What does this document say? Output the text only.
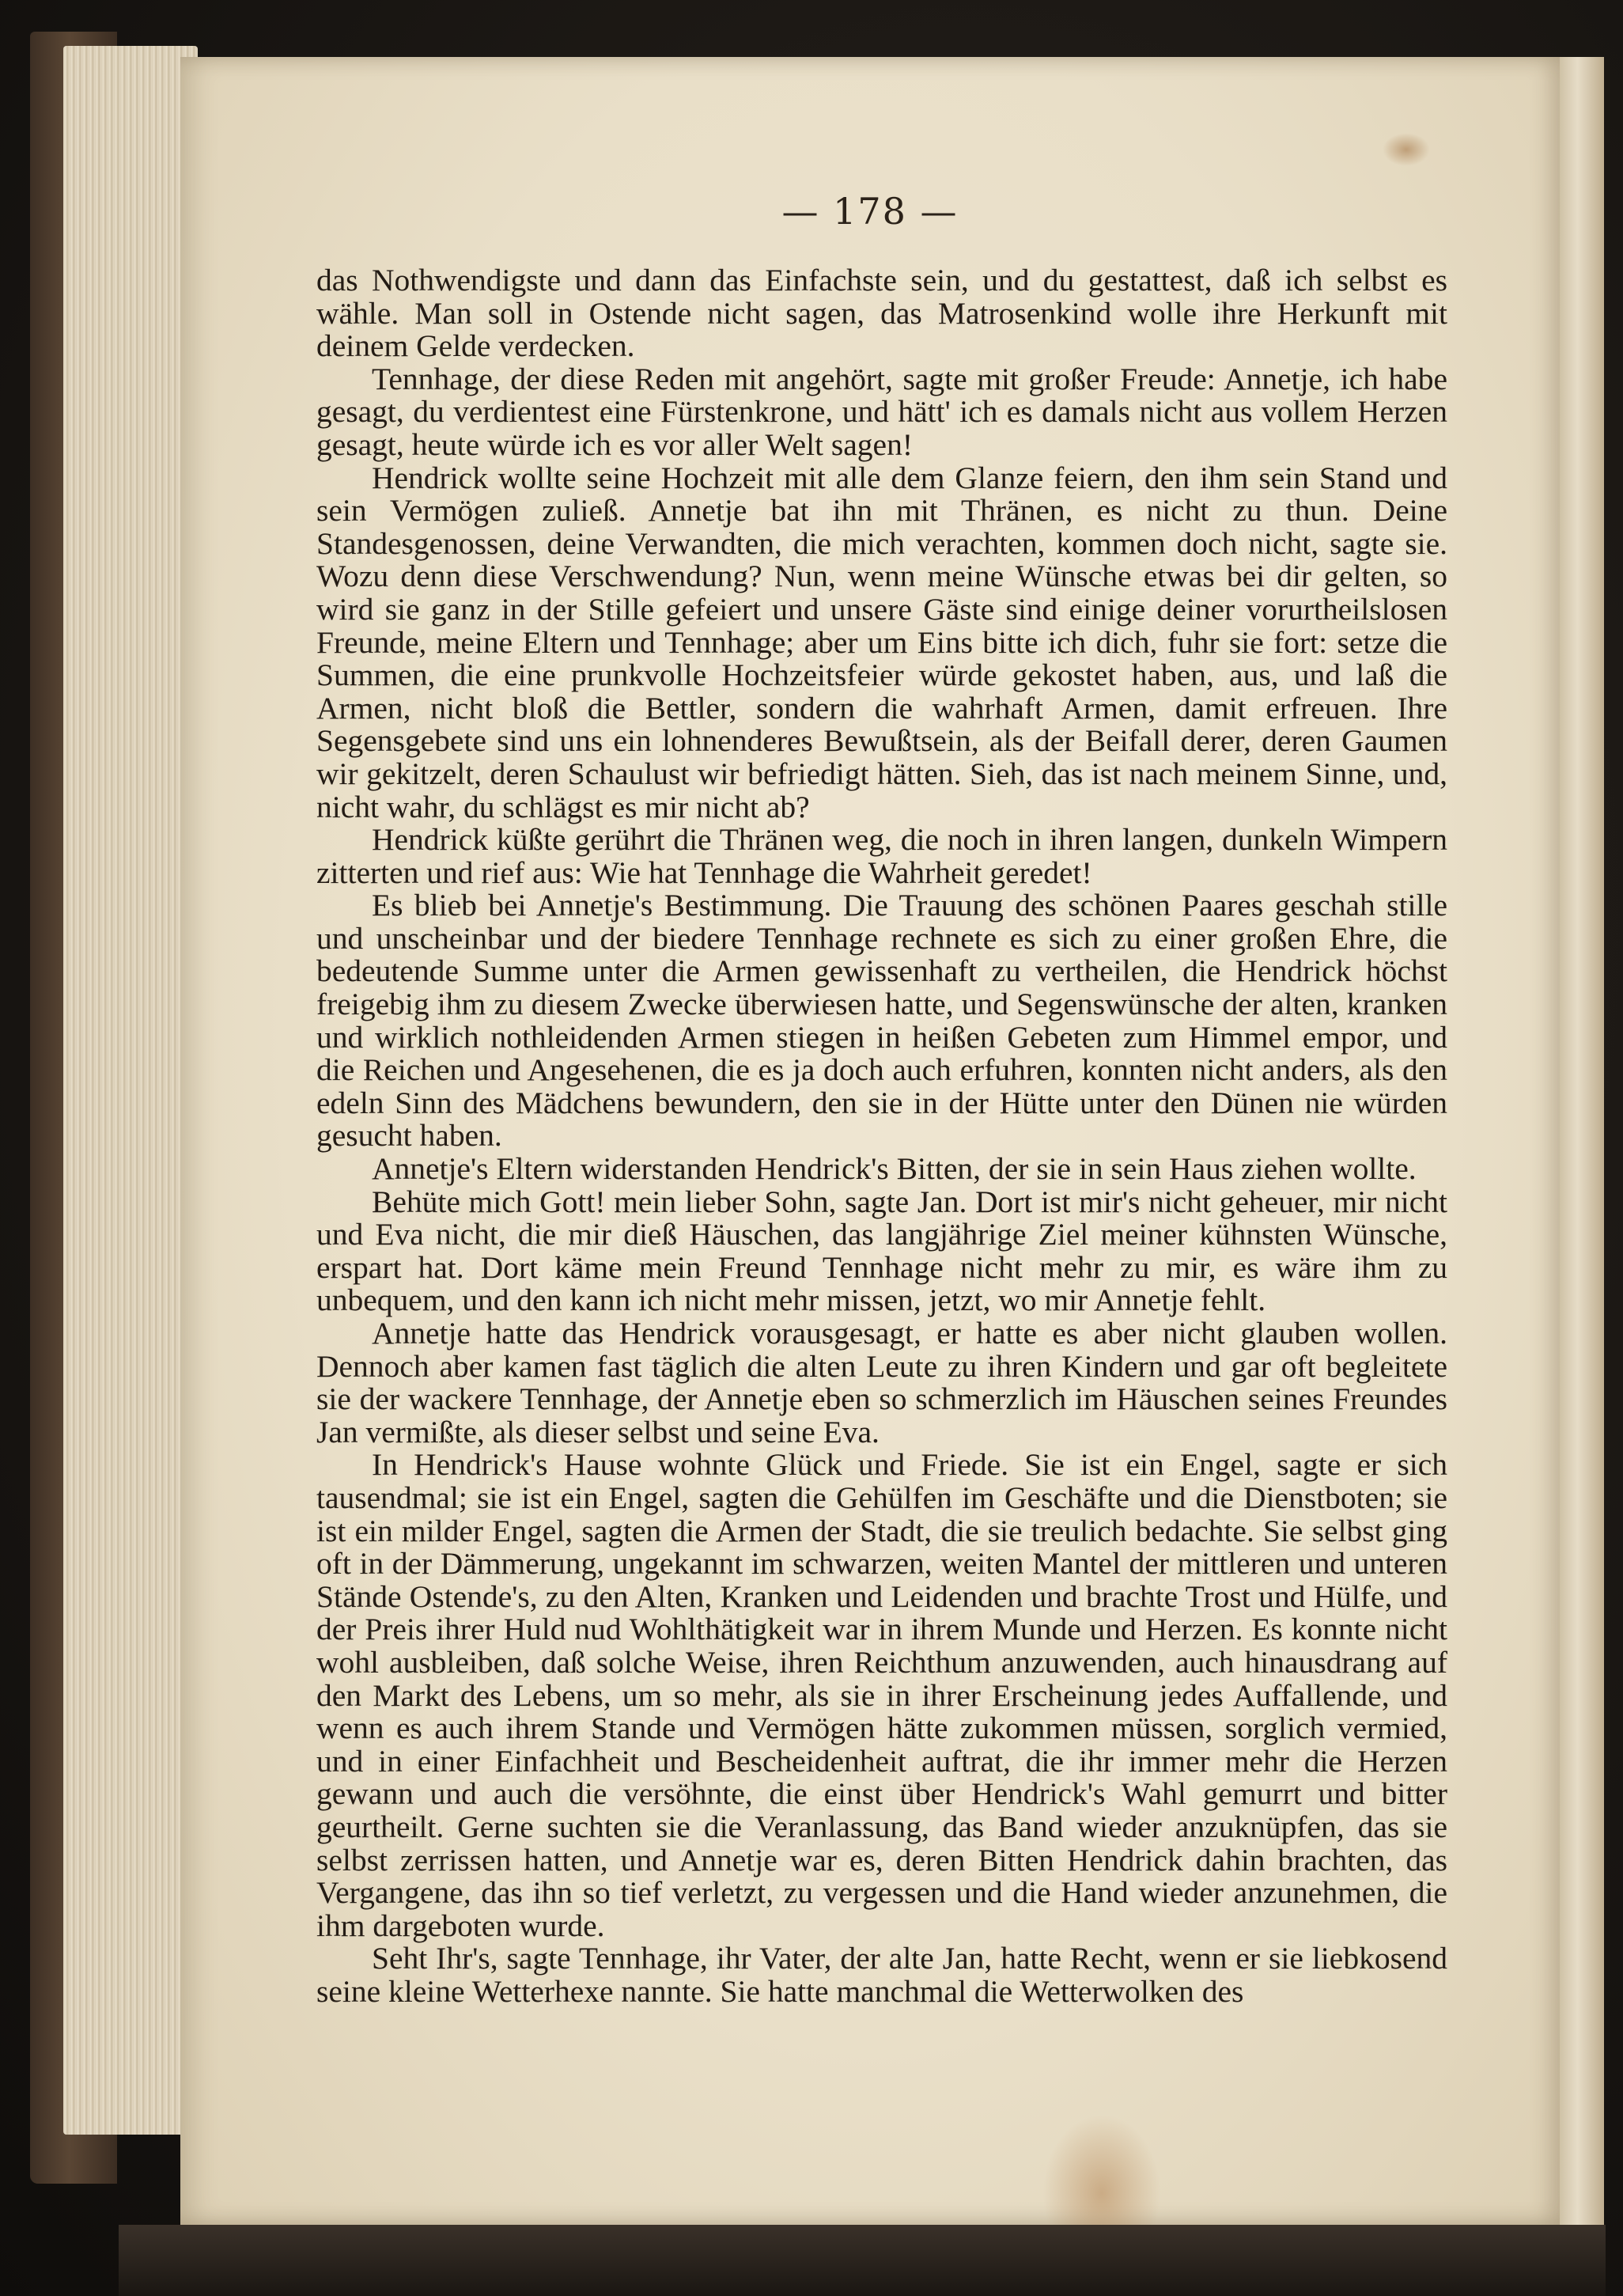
— 178 —

das Nothwendigste und dann das Einfachste sein, und du gestattest, daß ich selbst es wähle. Man soll in Ostende nicht sagen, das Matrosenkind wolle ihre Herkunft mit deinem Gelde verdecken.

Tennhage, der diese Reden mit angehört, sagte mit großer Freude: Annetje, ich habe gesagt, du verdientest eine Fürstenkrone, und hätt' ich es damals nicht aus vollem Herzen gesagt, heute würde ich es vor aller Welt sagen!

Hendrick wollte seine Hochzeit mit alle dem Glanze feiern, den ihm sein Stand und sein Vermögen zuließ. Annetje bat ihn mit Thränen, es nicht zu thun. Deine Standesgenossen, deine Verwandten, die mich verachten, kommen doch nicht, sagte sie. Wozu denn diese Verschwendung? Nun, wenn meine Wünsche etwas bei dir gelten, so wird sie ganz in der Stille gefeiert und unsere Gäste sind einige deiner vorurtheilslosen Freunde, meine Eltern und Tennhage; aber um Eins bitte ich dich, fuhr sie fort: setze die Summen, die eine prunkvolle Hochzeitsfeier würde gekostet haben, aus, und laß die Armen, nicht bloß die Bettler, sondern die wahrhaft Armen, damit erfreuen. Ihre Segensgebete sind uns ein lohnenderes Bewußtsein, als der Beifall derer, deren Gaumen wir gekitzelt, deren Schaulust wir befriedigt hätten. Sieh, das ist nach meinem Sinne, und, nicht wahr, du schlägst es mir nicht ab?

Hendrick küßte gerührt die Thränen weg, die noch in ihren langen, dunkeln Wimpern zitterten und rief aus: Wie hat Tennhage die Wahrheit geredet!

Es blieb bei Annetje's Bestimmung. Die Trauung des schönen Paares geschah stille und unscheinbar und der biedere Tennhage rechnete es sich zu einer großen Ehre, die bedeutende Summe unter die Armen gewissenhaft zu vertheilen, die Hendrick höchst freigebig ihm zu diesem Zwecke überwiesen hatte, und Segenswünsche der alten, kranken und wirklich nothleidenden Armen stiegen in heißen Gebeten zum Himmel empor, und die Reichen und Angesehenen, die es ja doch auch erfuhren, konnten nicht anders, als den edeln Sinn des Mädchens bewundern, den sie in der Hütte unter den Dünen nie würden gesucht haben.

Annetje's Eltern widerstanden Hendrick's Bitten, der sie in sein Haus ziehen wollte.

Behüte mich Gott! mein lieber Sohn, sagte Jan. Dort ist mir's nicht geheuer, mir nicht und Eva nicht, die mir dieß Häuschen, das langjährige Ziel meiner kühnsten Wünsche, erspart hat. Dort käme mein Freund Tennhage nicht mehr zu mir, es wäre ihm zu unbequem, und den kann ich nicht mehr missen, jetzt, wo mir Annetje fehlt.

Annetje hatte das Hendrick vorausgesagt, er hatte es aber nicht glauben wollen. Dennoch aber kamen fast täglich die alten Leute zu ihren Kindern und gar oft begleitete sie der wackere Tennhage, der Annetje eben so schmerzlich im Häuschen seines Freundes Jan vermißte, als dieser selbst und seine Eva.

In Hendrick's Hause wohnte Glück und Friede. Sie ist ein Engel, sagte er sich tausendmal; sie ist ein Engel, sagten die Gehülfen im Geschäfte und die Dienstboten; sie ist ein milder Engel, sagten die Armen der Stadt, die sie treulich bedachte. Sie selbst ging oft in der Dämmerung, ungekannt im schwarzen, weiten Mantel der mittleren und unteren Stände Ostende's, zu den Alten, Kranken und Leidenden und brachte Trost und Hülfe, und der Preis ihrer Huld nud Wohlthätigkeit war in ihrem Munde und Herzen. Es konnte nicht wohl ausbleiben, daß solche Weise, ihren Reichthum anzuwenden, auch hinausdrang auf den Markt des Lebens, um so mehr, als sie in ihrer Erscheinung jedes Auffallende, und wenn es auch ihrem Stande und Vermögen hätte zukommen müssen, sorglich vermied, und in einer Einfachheit und Bescheidenheit auftrat, die ihr immer mehr die Herzen gewann und auch die versöhnte, die einst über Hendrick's Wahl gemurrt und bitter geurtheilt. Gerne suchten sie die Veranlassung, das Band wieder anzuknüpfen, das sie selbst zerrissen hatten, und Annetje war es, deren Bitten Hendrick dahin brachten, das Vergangene, das ihn so tief verletzt, zu vergessen und die Hand wieder anzunehmen, die ihm dargeboten wurde.

Seht Ihr's, sagte Tennhage, ihr Vater, der alte Jan, hatte Recht, wenn er sie liebkosend seine kleine Wetterhexe nannte. Sie hatte manchmal die Wetterwolken des
